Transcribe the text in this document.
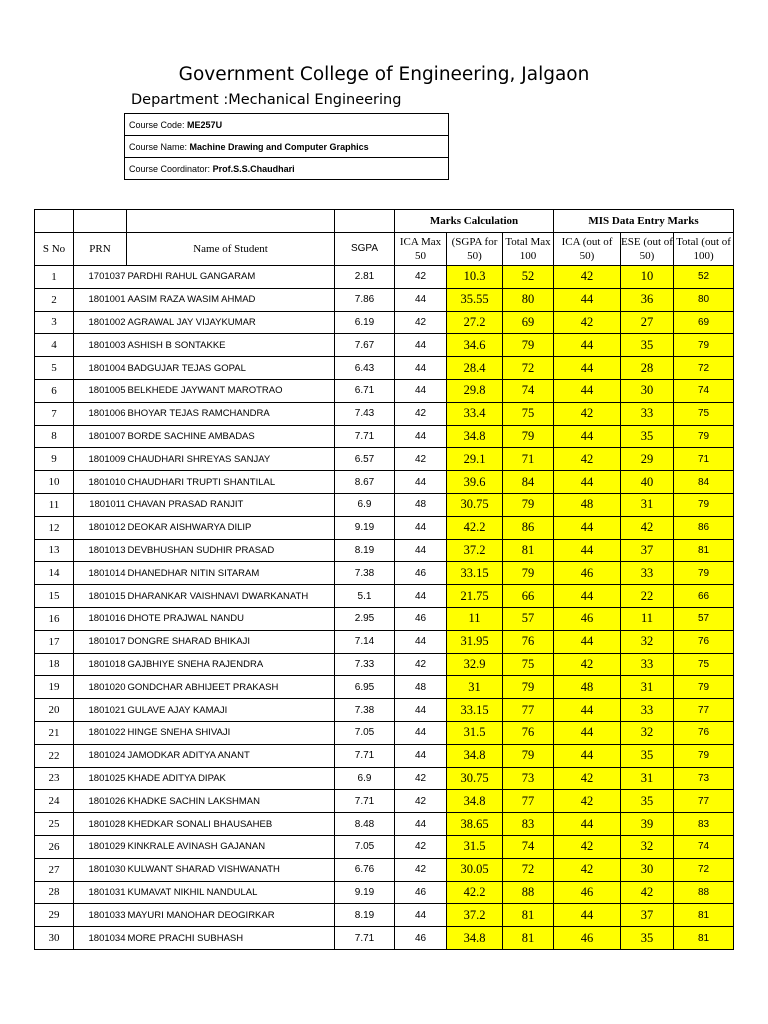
Government College of Engineering, Jalgaon
Department :Mechanical Engineering
Course Code: ME257U
Course Name: Machine Drawing and Computer Graphics
Course Coordinator: Prof.S.S.Chaudhari
				Marks Calculation			MIS Data Entry Marks		
S No	PRN	Name of Student	SGPA	ICA Max 50	(SGPA for 50)	Total Max 100	ICA (out of 50)	ESE (out of 50)	Total (out of 100)
1	1701037	PARDHI RAHUL GANGARAM	2.81	42	10.3	52	42	10	52
2	1801001	AASIM RAZA WASIM AHMAD	7.86	44	35.55	80	44	36	80
3	1801002	AGRAWAL JAY VIJAYKUMAR	6.19	42	27.2	69	42	27	69
4	1801003	ASHISH B SONTAKKE	7.67	44	34.6	79	44	35	79
5	1801004	BADGUJAR TEJAS GOPAL	6.43	44	28.4	72	44	28	72
6	1801005	BELKHEDE JAYWANT MAROTRAO	6.71	44	29.8	74	44	30	74
7	1801006	BHOYAR TEJAS RAMCHANDRA	7.43	42	33.4	75	42	33	75
8	1801007	BORDE SACHINE AMBADAS	7.71	44	34.8	79	44	35	79
9	1801009	CHAUDHARI SHREYAS SANJAY	6.57	42	29.1	71	42	29	71
10	1801010	CHAUDHARI TRUPTI SHANTILAL	8.67	44	39.6	84	44	40	84
11	1801011	CHAVAN PRASAD RANJIT	6.9	48	30.75	79	48	31	79
12	1801012	DEOKAR AISHWARYA DILIP	9.19	44	42.2	86	44	42	86
13	1801013	DEVBHUSHAN SUDHIR PRASAD	8.19	44	37.2	81	44	37	81
14	1801014	DHANEDHAR NITIN SITARAM	7.38	46	33.15	79	46	33	79
15	1801015	DHARANKAR VAISHNAVI DWARKANATH	5.1	44	21.75	66	44	22	66
16	1801016	DHOTE PRAJWAL NANDU	2.95	46	11	57	46	11	57
17	1801017	DONGRE SHARAD BHIKAJI	7.14	44	31.95	76	44	32	76
18	1801018	GAJBHIYE SNEHA RAJENDRA	7.33	42	32.9	75	42	33	75
19	1801020	GONDCHAR ABHIJEET PRAKASH	6.95	48	31	79	48	31	79
20	1801021	GULAVE AJAY KAMAJI	7.38	44	33.15	77	44	33	77
21	1801022	HINGE SNEHA SHIVAJI	7.05	44	31.5	76	44	32	76
22	1801024	JAMODKAR ADITYA ANANT	7.71	44	34.8	79	44	35	79
23	1801025	KHADE ADITYA DIPAK	6.9	42	30.75	73	42	31	73
24	1801026	KHADKE SACHIN LAKSHMAN	7.71	42	34.8	77	42	35	77
25	1801028	KHEDKAR SONALI BHAUSAHEB	8.48	44	38.65	83	44	39	83
26	1801029	KINKRALE AVINASH GAJANAN	7.05	42	31.5	74	42	32	74
27	1801030	KULWANT SHARAD VISHWANATH	6.76	42	30.05	72	42	30	72
28	1801031	KUMAVAT NIKHIL NANDULAL	9.19	46	42.2	88	46	42	88
29	1801033	MAYURI MANOHAR DEOGIRKAR	8.19	44	37.2	81	44	37	81
30	1801034	MORE PRACHI SUBHASH	7.71	46	34.8	81	46	35	81
